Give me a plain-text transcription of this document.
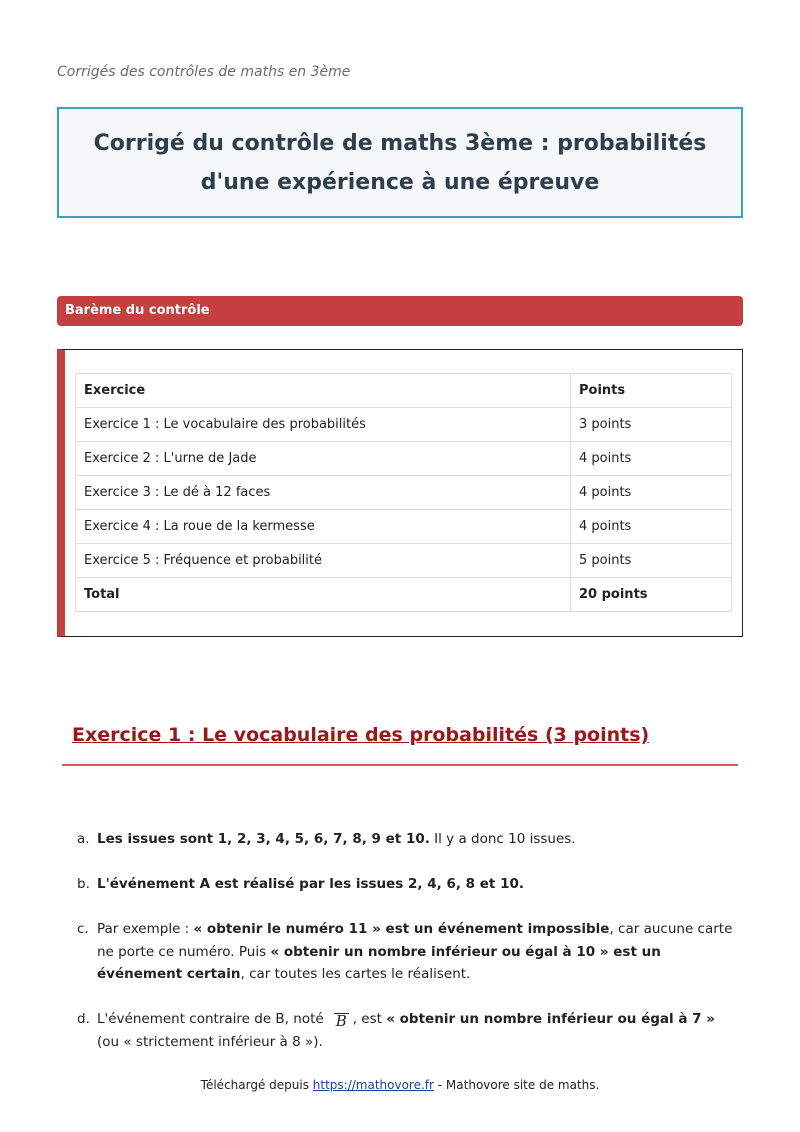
Corrigés des contrôles de maths en 3ème
Corrigé du contrôle de maths 3ème : probabilités
d'une expérience à une épreuve
Barème du contrôle
Exercice	Points
Exercice 1 : Le vocabulaire des probabilités	3 points
Exercice 2 : L'urne de Jade	4 points
Exercice 3 : Le dé à 12 faces	4 points
Exercice 4 : La roue de la kermesse	4 points
Exercice 5 : Fréquence et probabilité	5 points
Total	20 points
Exercice 1 : Le vocabulaire des probabilités (3 points)

a. Les issues sont 1, 2, 3, 4, 5, 6, 7, 8, 9 et 10. Il y a donc 10 issues.

b. L'événement A est réalisé par les issues 2, 4, 6, 8 et 10.

c. Par exemple : « obtenir le numéro 11 » est un événement impossible, car aucune carte ne porte ce numéro. Puis « obtenir un nombre inférieur ou égal à 10 » est un événement certain, car toutes les cartes le réalisent.

d. L'événement contraire de B, noté B , est « obtenir un nombre inférieur ou égal à 7 » (ou « strictement inférieur à 8 »).

Téléchargé depuis https://mathovore.fr - Mathovore site de maths.
